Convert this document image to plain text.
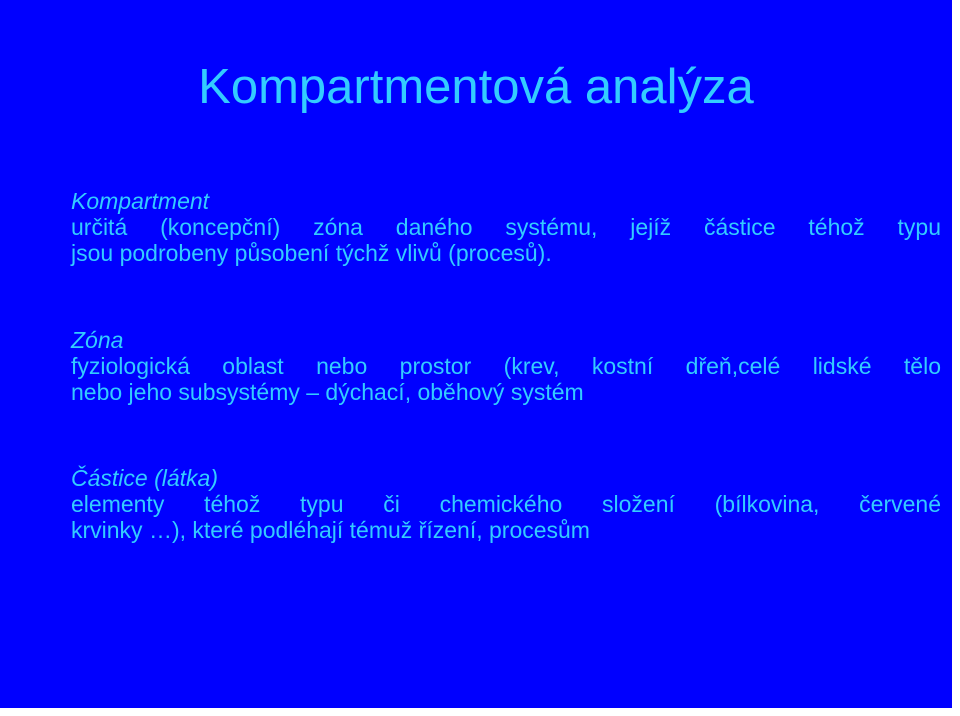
Kompartmentová analýza

Kompartment

určitá (koncepční) zóna daného systému, jejíž částice téhož typu
jsou podrobeny působení týchž vlivů (procesů).

Zóna

fyziologická oblast nebo prostor (krev, kostní dřeň,celé lidské tělo
nebo jeho subsystémy – dýchací, oběhový systém

Částice (látka)

elementy téhož typu či chemického složení (bílkovina, červené
krvinky …), které podléhají témuž řízení, procesům
